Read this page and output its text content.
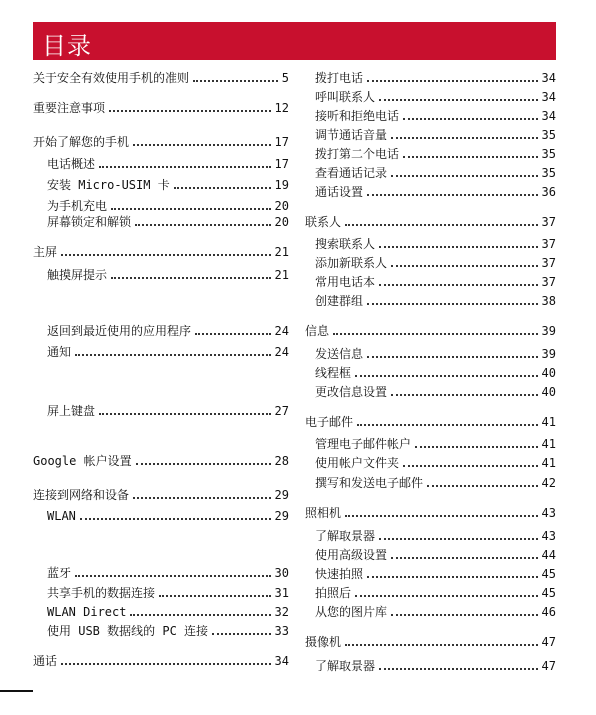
目录
关于安全有效使用手机的准则	5
重要注意事项	12
开始了解您的手机	17
电话概述	17
安装 Micro-USIM 卡	19
为手机充电	20
屏幕锁定和解锁	20
主屏	21
触摸屏提示	21
返回到最近使用的应用程序	24
通知	24
屏上键盘	27
Google 帐户设置	28
连接到网络和设备	29
WLAN	29
蓝牙	30
共享手机的数据连接	31
WLAN Direct	32
使用 USB 数据线的 PC 连接	33
通话	34
拨打电话	34
呼叫联系人	34
接听和拒绝电话	34
调节通话音量	35
拨打第二个电话	35
查看通话记录	35
通话设置	36
联系人	37
搜索联系人	37
添加新联系人	37
常用电话本	37
创建群组	38
信息	39
发送信息	39
线程框	40
更改信息设置	40
电子邮件	41
管理电子邮件帐户	41
使用帐户文件夹	41
撰写和发送电子邮件	42
照相机	43
了解取景器	43
使用高级设置	44
快速拍照	45
拍照后	45
从您的图片库	46
摄像机	47
了解取景器	47
